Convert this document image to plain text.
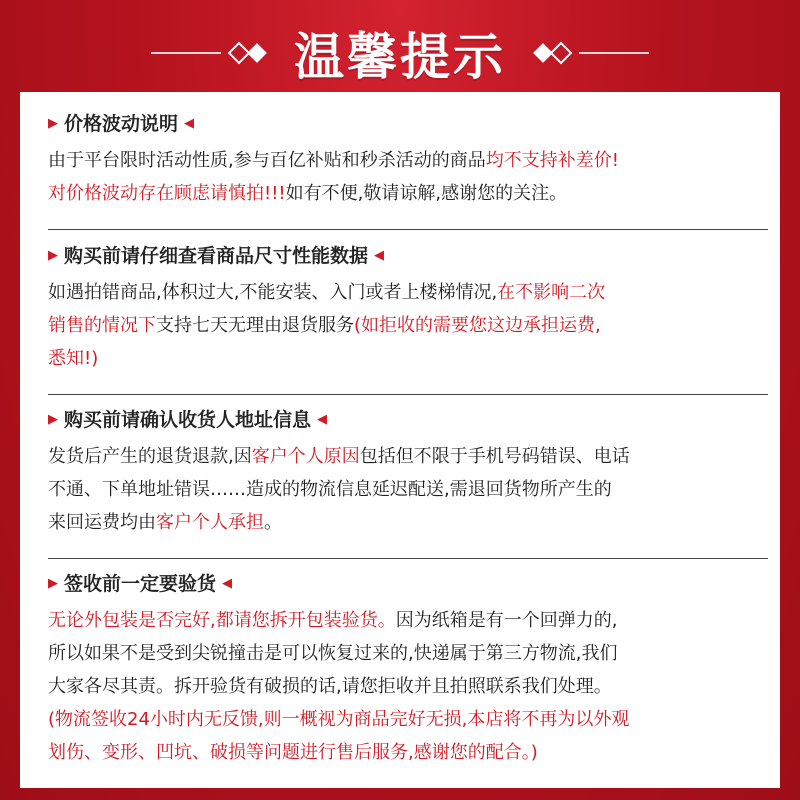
温馨提示
▶ 价格波动说明 ◀
由于平台限时活动性质,参与百亿补贴和秒杀活动的商品均不支持补差价!
对价格波动存在顾虑请慎拍!!!如有不便,敬请谅解,感谢您的关注。
▶ 购买前请仔细查看商品尺寸性能数据 ◀
如遇拍错商品,体积过大,不能安装、入门或者上楼梯情况,在不影响二次
销售的情况下支持七天无理由退货服务(如拒收的需要您这边承担运费,
悉知!)
▶ 购买前请确认收货人地址信息 ◀
发货后产生的退货退款,因客户个人原因包括但不限于手机号码错误、电话
不通、下单地址错误……造成的物流信息延迟配送,需退回货物所产生的
来回运费均由客户个人承担。
▶ 签收前一定要验货 ◀
无论外包装是否完好,都请您拆开包装验货。因为纸箱是有一个回弹力的,
所以如果不是受到尖锐撞击是可以恢复过来的,快递属于第三方物流,我们
大家各尽其责。拆开验货有破损的话,请您拒收并且拍照联系我们处理。
(物流签收24小时内无反馈,则一概视为商品完好无损,本店将不再为以外观
划伤、变形、凹坑、破损等问题进行售后服务,感谢您的配合。)
